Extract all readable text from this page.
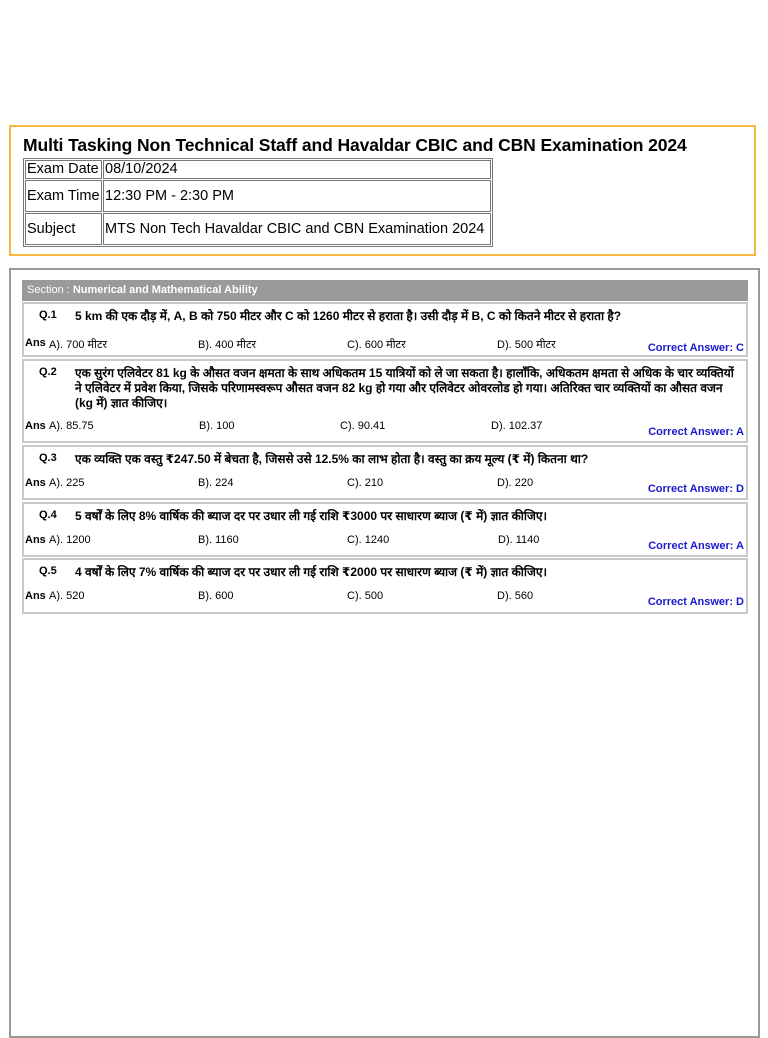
Multi Tasking Non Technical Staff and Havaldar CBIC and CBN Examination 2024
Exam Date	08/10/2024
Exam Time	12:30 PM - 2:30 PM
Subject	MTS Non Tech Havaldar CBIC and CBN Examination 2024
Section : Numerical and Mathematical Ability
Q.1 5 km की एक दौड़ में, A, B को 750 मीटर और C को 1260 मीटर से हराता है। उसी दौड़ में B, C को कितने मीटर से हराता है?
Ans A). 700 मीटर	B). 400 मीटर	C). 600 मीटर	D). 500 मीटर	Correct Answer: C
Q.2 एक सुरंग एलिवेटर 81 kg के औसत वजन क्षमता के साथ अधिकतम 15 यात्रियों को ले जा सकता है। हालाँकि, अधिकतम क्षमता से अधिक के चार व्यक्तियों ने एलिवेटर में प्रवेश किया, जिसके परिणामस्वरूप औसत वजन 82 kg हो गया और एलिवेटर ओवरलोड हो गया। अतिरिक्त चार व्यक्तियों का औसत वजन (kg में) ज्ञात कीजिए।
Ans A). 85.75	B). 100	C). 90.41	D). 102.37	Correct Answer: A
Q.3 एक व्यक्ति एक वस्तु ₹247.50 में बेचता है, जिससे उसे 12.5% का लाभ होता है। वस्तु का क्रय मूल्य (₹ में) कितना था?
Ans A). 225	B). 224	C). 210	D). 220	Correct Answer: D
Q.4 5 वर्षों के लिए 8% वार्षिक की ब्याज दर पर उधार ली गई राशि ₹3000 पर साधारण ब्याज (₹ में) ज्ञात कीजिए।
Ans A). 1200	B). 1160	C). 1240	D). 1140	Correct Answer: A
Q.5 4 वर्षों के लिए 7% वार्षिक की ब्याज दर पर उधार ली गई राशि ₹2000 पर साधारण ब्याज (₹ में) ज्ञात कीजिए।
Ans A). 520	B). 600	C). 500	D). 560	Correct Answer: D
